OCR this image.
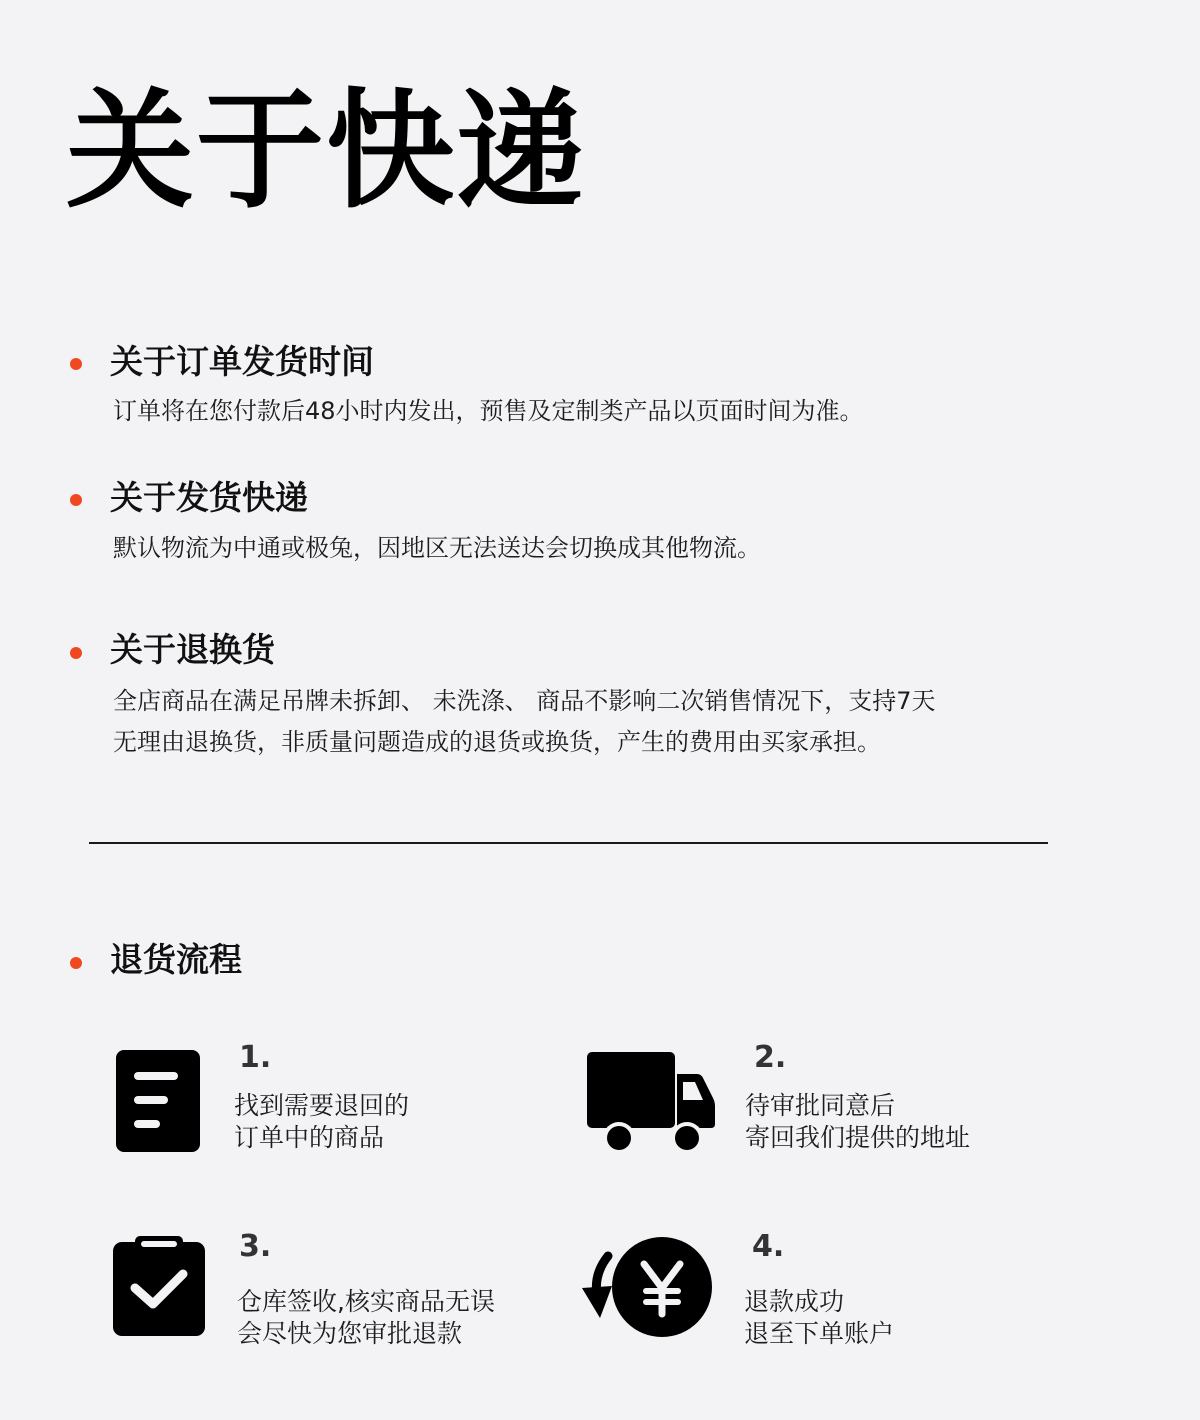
关于快递
关于订单发货时间
订单将在您付款后48小时内发出，预售及定制类产品以页面时间为准。
关于发货快递
默认物流为中通或极兔，因地区无法送达会切换成其他物流。
关于退换货
全店商品在满足吊牌未拆卸、 未洗涤、 商品不影响二次销售情况下，支持7天
无理由退换货，非质量问题造成的退货或换货，产生的费用由买家承担。
退货流程
1.
找到需要退回的
订单中的商品
2.
待审批同意后
寄回我们提供的地址
3.
仓库签收,核实商品无误
会尽快为您审批退款
4.
退款成功
退至下单账户
